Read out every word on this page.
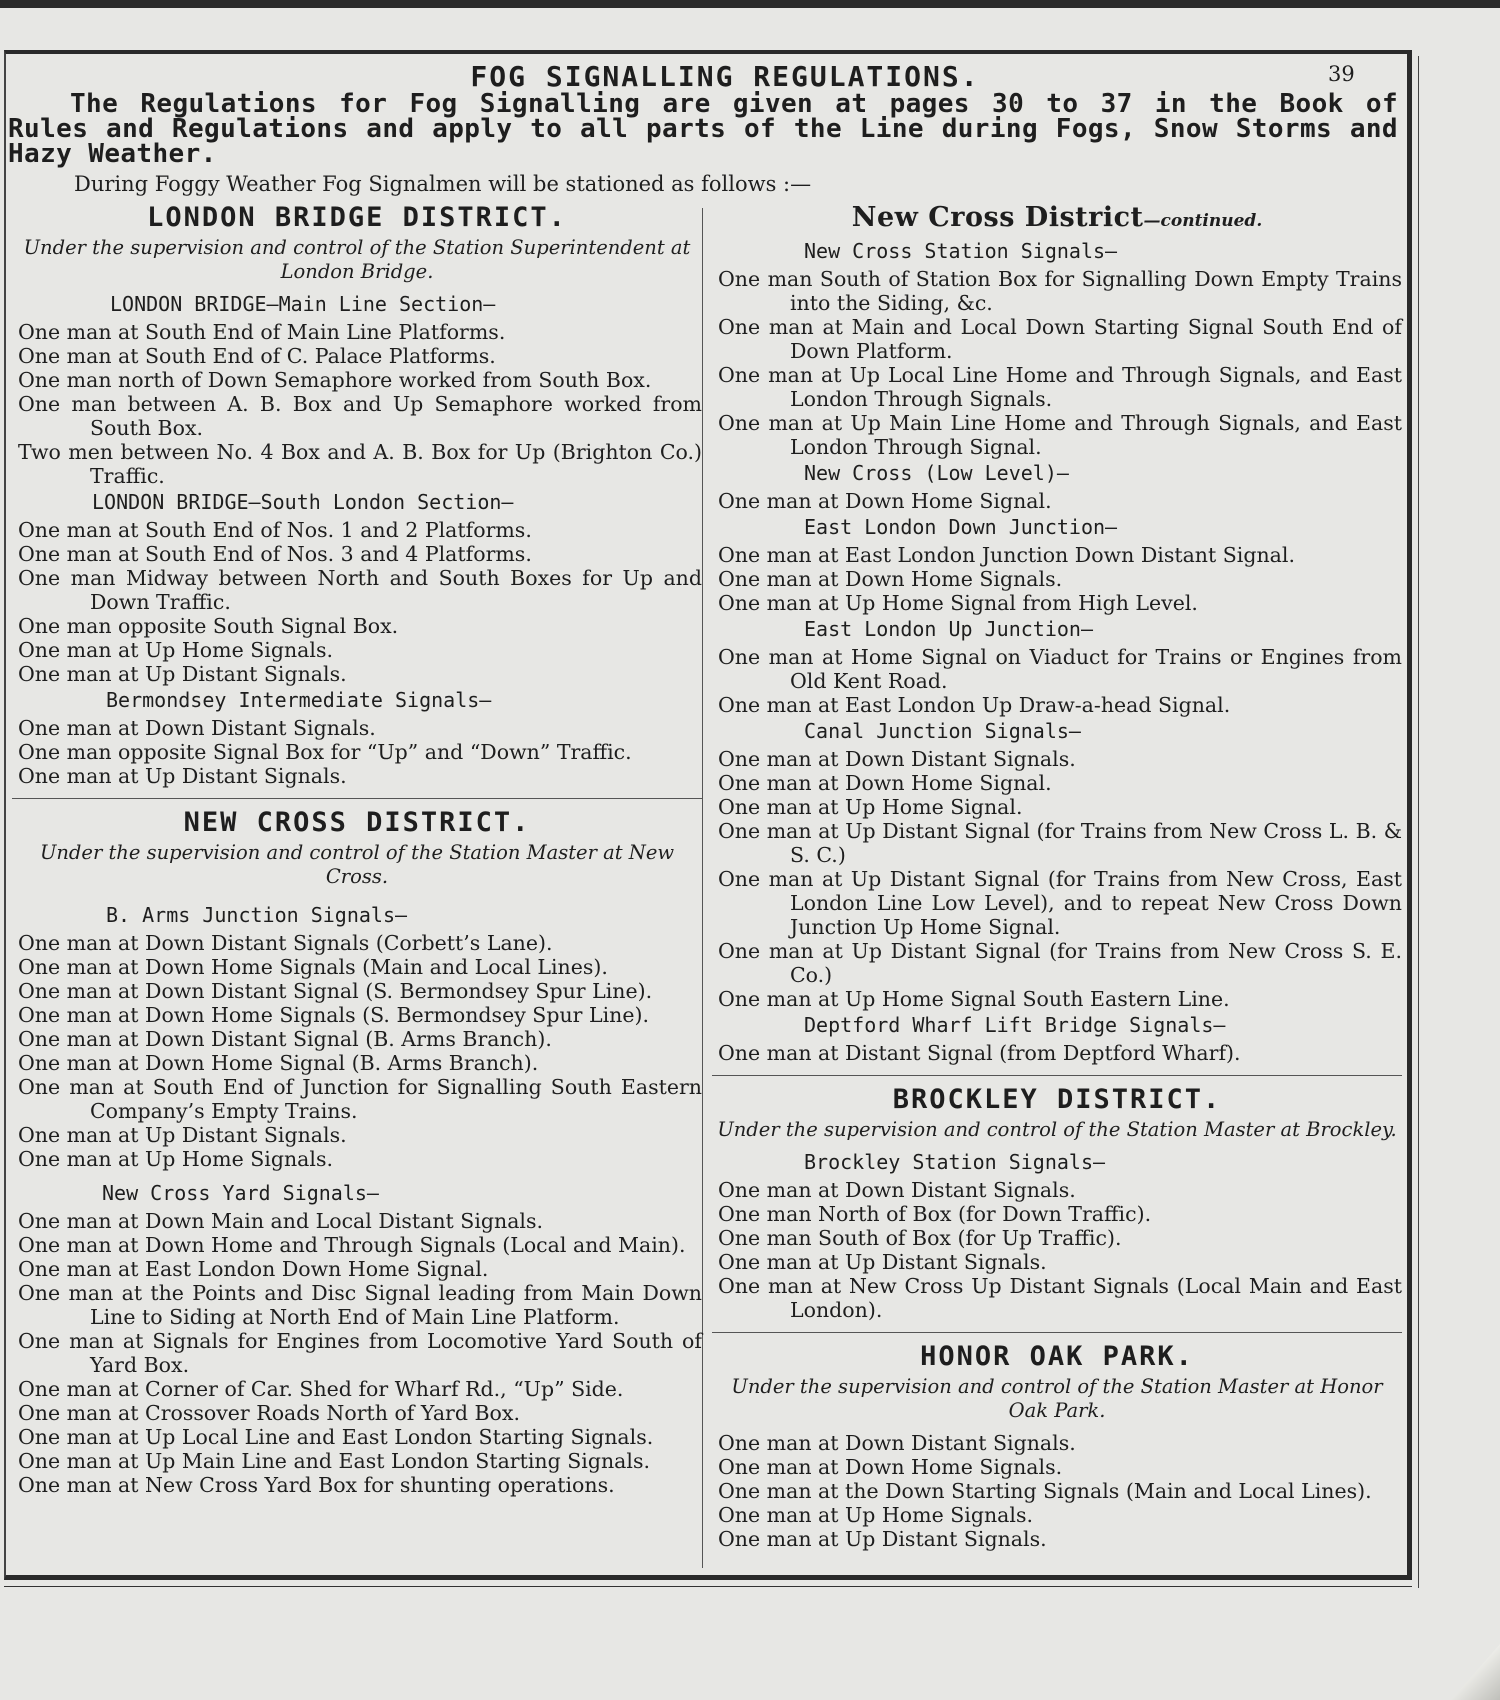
FOG SIGNALLING REGULATIONS.	39
The Regulations for Fog Signalling are given at pages 30 to 37 in the Book of Rules and Regulations and apply to all parts of the Line during Fogs, Snow Storms and Hazy Weather.
During Foggy Weather Fog Signalmen will be stationed as follows :—
LONDON BRIDGE DISTRICT.
Under the supervision and control of the Station Superintendent at London Bridge.
LONDON BRIDGE—Main Line Section—

One man at South End of Main Line Platforms.

One man at South End of C. Palace Platforms.

One man north of Down Semaphore worked from South Box.

One man between A. B. Box and Up Semaphore worked from South Box.

Two men between No. 4 Box and A. B. Box for Up (Brighton Co.) Traffic.

LONDON BRIDGE—South London Section—

One man at South End of Nos. 1 and 2 Platforms.

One man at South End of Nos. 3 and 4 Platforms.

One man Midway between North and South Boxes for Up and Down Traffic.

One man opposite South Signal Box.

One man at Up Home Signals.

One man at Up Distant Signals.

Bermondsey Intermediate Signals—

One man at Down Distant Signals.

One man opposite Signal Box for “Up” and “Down” Traffic.

One man at Up Distant Signals.

NEW CROSS DISTRICT.
Under the supervision and control of the Station Master at New Cross.
B. Arms Junction Signals—

One man at Down Distant Signals (Corbett’s Lane).

One man at Down Home Signals (Main and Local Lines).

One man at Down Distant Signal (S. Bermondsey Spur Line).

One man at Down Home Signals (S. Bermondsey Spur Line).

One man at Down Distant Signal (B. Arms Branch).

One man at Down Home Signal (B. Arms Branch).

One man at South End of Junction for Signalling South Eastern Company’s Empty Trains.

One man at Up Distant Signals.

One man at Up Home Signals.

New Cross Yard Signals—

One man at Down Main and Local Distant Signals.

One man at Down Home and Through Signals (Local and Main).

One man at East London Down Home Signal.

One man at the Points and Disc Signal leading from Main Down Line to Siding at North End of Main Line Platform.

One man at Signals for Engines from Locomotive Yard South of Yard Box.

One man at Corner of Car. Shed for Wharf Rd., “Up” Side.

One man at Crossover Roads North of Yard Box.

One man at Up Local Line and East London Starting Signals.

One man at Up Main Line and East London Starting Signals.

One man at New Cross Yard Box for shunting operations.

New Cross District—continued.
New Cross Station Signals—

One man South of Station Box for Signalling Down Empty Trains into the Siding, &c.

One man at Main and Local Down Starting Signal South End of Down Platform.

One man at Up Local Line Home and Through Signals, and East London Through Signals.

One man at Up Main Line Home and Through Signals, and East London Through Signal.

New Cross (Low Level)—

One man at Down Home Signal.

East London Down Junction—

One man at East London Junction Down Distant Signal.

One man at Down Home Signals.

One man at Up Home Signal from High Level.

East London Up Junction—

One man at Home Signal on Viaduct for Trains or Engines from Old Kent Road.

One man at East London Up Draw-a-head Signal.

Canal Junction Signals—

One man at Down Distant Signals.

One man at Down Home Signal.

One man at Up Home Signal.

One man at Up Distant Signal (for Trains from New Cross L. B. & S. C.)

One man at Up Distant Signal (for Trains from New Cross, East London Line Low Level), and to repeat New Cross Down Junction Up Home Signal.

One man at Up Distant Signal (for Trains from New Cross S. E. Co.)

One man at Up Home Signal South Eastern Line.

Deptford Wharf Lift Bridge Signals—

One man at Distant Signal (from Deptford Wharf).

BROCKLEY DISTRICT.
Under the supervision and control of the Station Master at Brockley.
Brockley Station Signals—

One man at Down Distant Signals.

One man North of Box (for Down Traffic).

One man South of Box (for Up Traffic).

One man at Up Distant Signals.

One man at New Cross Up Distant Signals (Local Main and East London).

HONOR OAK PARK.
Under the supervision and control of the Station Master at Honor Oak Park.

One man at Down Distant Signals.

One man at Down Home Signals.

One man at the Down Starting Signals (Main and Local Lines).

One man at Up Home Signals.

One man at Up Distant Signals.
